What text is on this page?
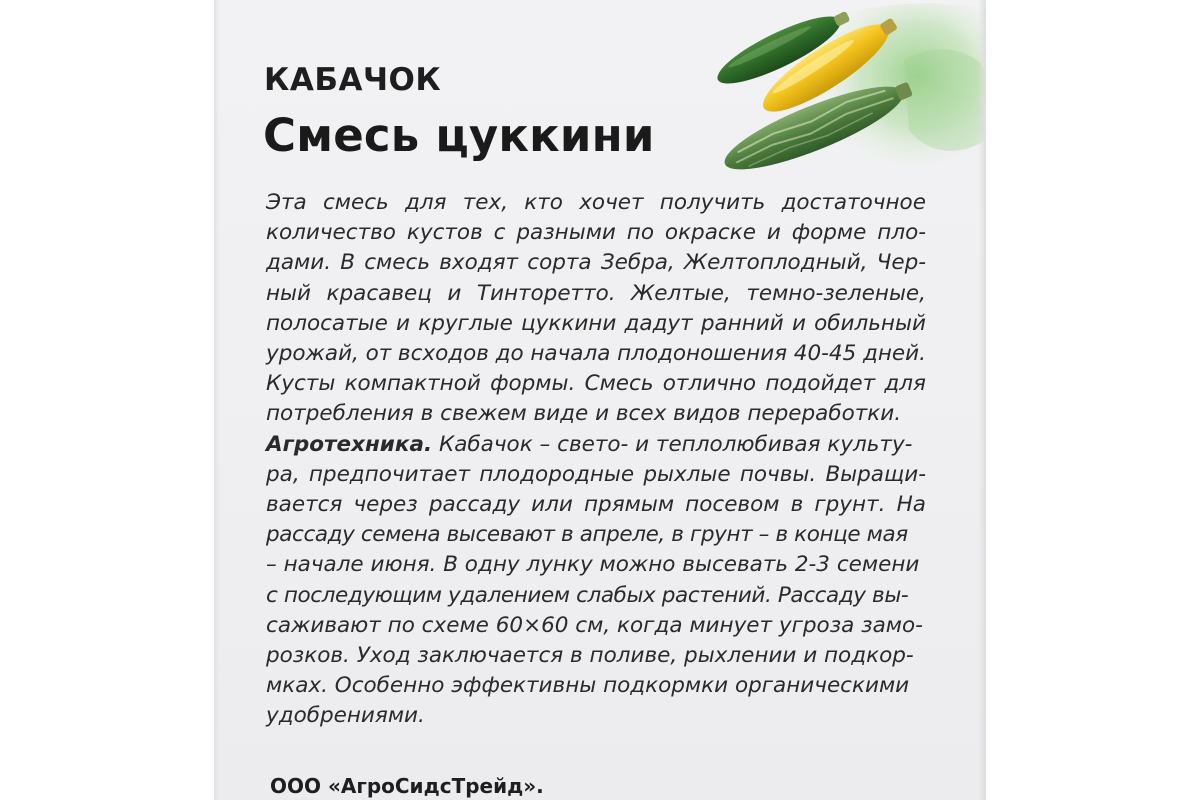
КАБАЧОК
Смесь цуккини
Эта смесь для тех, кто хочет получить достаточное
количество кустов с разными по окраске и форме пло-
дами. В смесь входят сорта Зебра, Желтоплодный, Чер-
ный красавец и Тинторетто. Желтые, темно-зеленые,
полосатые и круглые цуккини дадут ранний и обильный
урожай, от всходов до начала плодоношения 40-45 дней.
Кусты компактной формы. Смесь отлично подойдет для
потребления в свежем виде и всех видов переработки.
Агротехника. Кабачок – свето- и теплолюбивая культу-
ра, предпочитает плодородные рыхлые почвы. Выращи-
вается через рассаду или прямым посевом в грунт. На
рассаду семена высевают в апреле, в грунт – в конце мая
– начале июня. В одну лунку можно высевать 2-3 семени
с последующим удалением слабых растений. Рассаду вы-
саживают по схеме 60×60 см, когда минует угроза замо-
розков. Уход заключается в поливе, рыхлении и подкор-
мках. Особенно эффективны подкормки органическими
удобрениями.
ООО «АгроСидсТрейд».
